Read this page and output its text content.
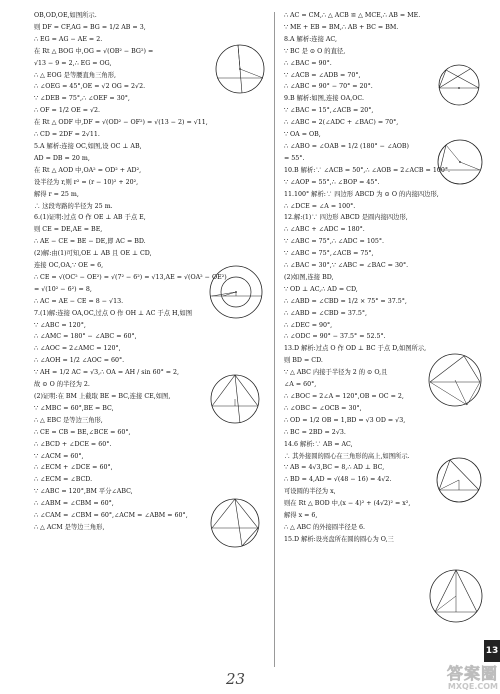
OB,OD,OE,如图所示.
则 DF = CF,AG = BG = 1/2 AB = 3,
∴ EG = AG − AE = 2.
在 Rt △ BOG 中,OG = √(OB² − BG²) =
√13 − 9 = 2,∴ EG = OG,
∴ △ EOG 是等腰直角三角形,
∴ ∠OEG = 45°,OE = √2 OG = 2√2.
∵ ∠DEB = 75°,∴ ∠OEF = 30°,
∴ OF = 1/2 OE = √2.
在 Rt △ ODF 中,DF = √(OD² − OF²) = √(13 − 2) = √11,
∴ CD = 2DF = 2√11.
5.A 解析:连接 OC,如图,设 OC ⊥ AB,
AD = DB = 20 m,
在 Rt △ AOD 中,OA² = OD² + AD²,
设半径为 r,则 r² = (r − 10)² + 20²,
解得 r = 25 m,
∴ 这段弯路的半径为 25 m.
6.(1)证明:过点 O 作 OE ⊥ AB 于点 E,
则 CE = DE,AE = BE,
∴ AE − CE = BE − DE,即 AC = BD.
(2)解:由(1)可知,OE ⊥ AB 且 OE ⊥ CD,
连接 OC,OA,∵ OE = 6,
∴ CE = √(OC² − OE²) = √(7² − 6²) = √13,AE = √(OA² − OE²)
= √(10² − 6²) = 8,
∴ AC = AE − CE = 8 − √13.
7.(1)解:连接 OA,OC,过点 O 作 OH ⊥ AC 于点 H,如图
∵ ∠ABC = 120°,
∴ ∠AMC = 180° − ∠ABC = 60°,
∴ ∠AOC = 2∠AMC = 120°,
∴ ∠AOH = 1/2 ∠AOC = 60°.
∵ AH = 1/2 AC = √3,∴ OA = AH / sin 60° = 2,
故 ⊙ O 的半径为 2.
(2)证明:在 BM 上截取 BE = BC,连接 CE,如图,
∵ ∠MBC = 60°,BE = BC,
∴ △ EBC 是等边三角形,
∴ CE = CB = BE,∠BCE = 60°,
∴ ∠BCD + ∠DCE = 60°.
∵ ∠ACM = 60°,
∴ ∠ECM + ∠DCE = 60°,
∴ ∠ECM = ∠BCD.
∵ ∠ABC = 120°,BM 平分∠ABC,
∴ ∠ABM = ∠CBM = 60°,
∴ ∠CAM = ∠CBM = 60°,∠ACM = ∠ABM = 60°,
∴ △ ACM 是等边三角形,
∴ AC = CM,∴ △ ACB ≌ △ MCE,∴ AB = ME.
∵ ME + EB = BM,∴ AB + BC = BM.
8.A 解析:连接 AC,
∵ BC 是 ⊙ O 的直径,
∴ ∠BAC = 90°.
∵ ∠ACB = ∠ADB = 70°,
∴ ∠ABC = 90° − 70° = 20°.
9.B 解析:如图,连接 OA,OC.
∵ ∠BAC = 15°,∠ACB = 20°,
∴ ∠ABC = 2(∠ADC + ∠BAC) = 70°,
∵ OA = OB,
∴ ∠ABO = ∠OAB = 1/2 (180° − ∠AOB)
= 55°.
10.B 解析:∵ ∠ACB = 50°,∴ ∠AOB = 2∠ACB = 100°.
∵ ∠AOP = 55°,∴ ∠BOP = 45°.
11.100° 解析:∵ 四边形 ABCD 为 ⊙ O 的内接四边形,
∴ ∠DCE = ∠A = 100°.
12.解:(1)∵ 四边形 ABCD 是圆内接四边形,
∴ ∠ABC + ∠ADC = 180°.
∵ ∠ABC = 75°,∴ ∠ADC = 105°.
∵ ∠ABC = 75°,∠ACB = 75°,
∴ ∠BAC = 30°,∵ ∠ABC = ∠BAC = 30°.
(2)如图,连接 BD,
∵ OD ⊥ AC,∴ AD = CD,
∴ ∠ABD = ∠CBD = 1/2 × 75° = 37.5°,
∴ ∠ABD = ∠CBD = 37.5°,
∴ ∠DEC = 90°,
∴ ∠ODC = 90° − 37.5° = 52.5°.
13.D 解析:过点 O 作 OD ⊥ BC 于点 D,如图所示,
则 BD = CD.
∵ △ ABC 内接于半径为 2 的 ⊙ O,且
∠A = 60°,
∴ ∠BOC = 2∠A = 120°,OB = OC = 2,
∴ ∠OBC = ∠OCB = 30°,
∴ OD = 1/2 OB = 1,BD = √3 OD = √3,
∴ BC = 2BD = 2√3.
14.6 解析:∵ AB = AC,
∴ 其外接圆的圆心在三角形的高上,如图所示.
∵ AB = 4√3,BC = 8,∴ AD ⊥ BC,
∴ BD = 4,AD = √(48 − 16) = 4√2.
可设圆的半径为 x,
则在 Rt △ BOD 中,(x − 4)² + (4√2)² = x²,
解得 x = 6,
∴ △ ABC 的外接圆半径是 6.
15.D 解析:设亮盘所在圆的圆心为 O,三
23
13
答案圈
MXQE.COM
